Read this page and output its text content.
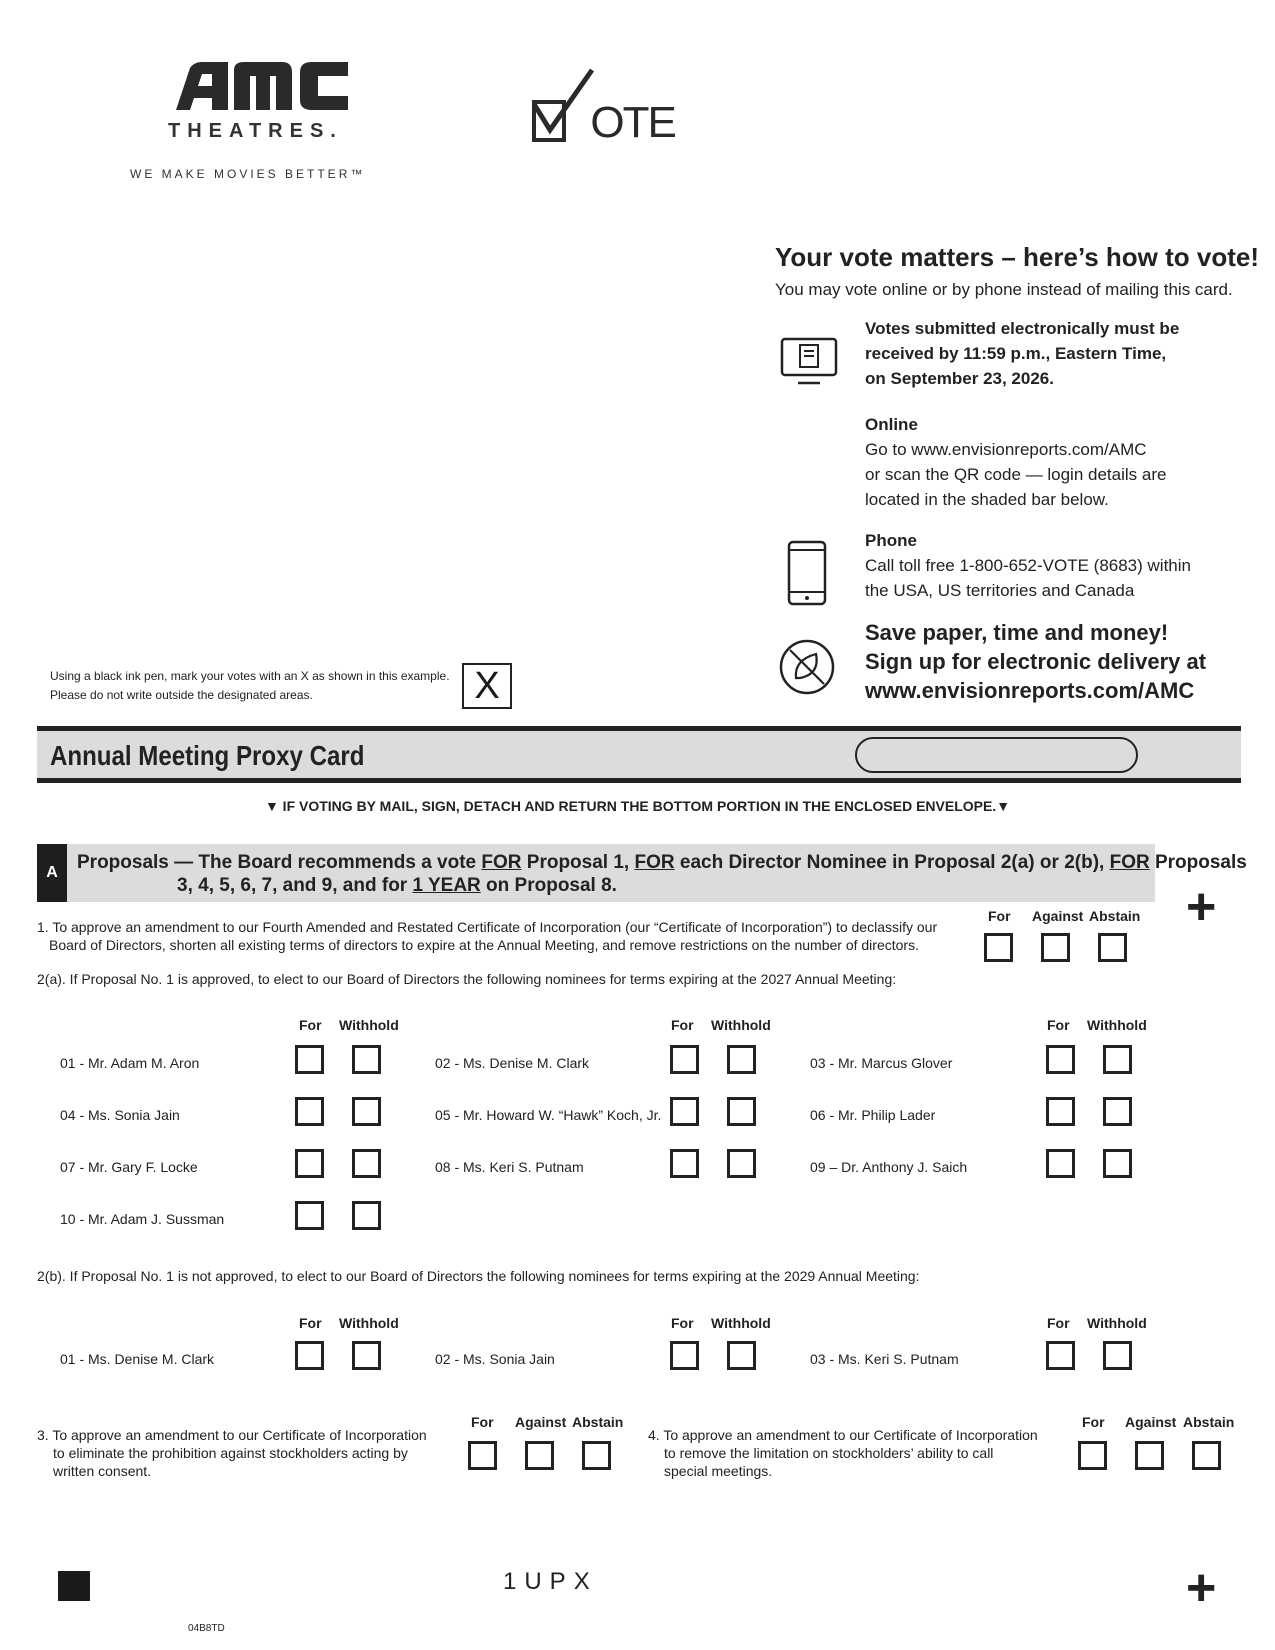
THEATRES.
WE MAKE MOVIES BETTER™
OTE
Your vote matters – here’s how to vote!
You may vote online or by phone instead of mailing this card.
Votes submitted electronically must be
received by 11:59 p.m., Eastern Time,
on September 23, 2026.
Online
Go to www.envisionreports.com/AMC
or scan the QR code — login details are
located in the shaded bar below.
Phone
Call toll free 1-800-652-VOTE (8683) within
the USA, US territories and Canada
Save paper, time and money!
Sign up for electronic delivery at
www.envisionreports.com/AMC
Using a black ink pen, mark your votes with an X as shown in this example.
Please do not write outside the designated areas.	X
Annual Meeting Proxy Card
▼ IF VOTING BY MAIL, SIGN, DETACH AND RETURN THE BOTTOM PORTION IN THE ENCLOSED ENVELOPE.▼
A	Proposals — The Board recommends a vote FOR Proposal 1, FOR each Director Nominee in Proposal 2(a) or 2(b), FOR Proposals
3, 4, 5, 6, 7, and 9, and for 1 YEAR on Proposal 8.	+
1. To approve an amendment to our Fourth Amended and Restated Certificate of Incorporation (our “Certificate of Incorporation”) to declassify our
Board of Directors, shorten all existing terms of directors to expire at the Annual Meeting, and remove restrictions on the number of directors.
For Against Abstain
2(a). If Proposal No. 1 is approved, to elect to our Board of Directors the following nominees for terms expiring at the 2027 Annual Meeting:
For Withhold	For Withhold	For Withhold
01 - Mr. Adam M. Aron	02 - Ms. Denise M. Clark	03 - Mr. Marcus Glover
04 - Ms. Sonia Jain	05 - Mr. Howard W. “Hawk” Koch, Jr.	06 - Mr. Philip Lader
07 - Mr. Gary F. Locke	08 - Ms. Keri S. Putnam	09 – Dr. Anthony J. Saich
10 - Mr. Adam J. Sussman
2(b). If Proposal No. 1 is not approved, to elect to our Board of Directors the following nominees for terms expiring at the 2029 Annual Meeting:
For Withhold	For Withhold	For Withhold
01 - Ms. Denise M. Clark	02 - Ms. Sonia Jain	03 - Ms. Keri S. Putnam
3. To approve an amendment to our Certificate of Incorporation
to eliminate the prohibition against stockholders acting by
written consent.
For Against Abstain
4. To approve an amendment to our Certificate of Incorporation
to remove the limitation on stockholders’ ability to call
special meetings.
For Against Abstain
1UPX	+
04B8TD
